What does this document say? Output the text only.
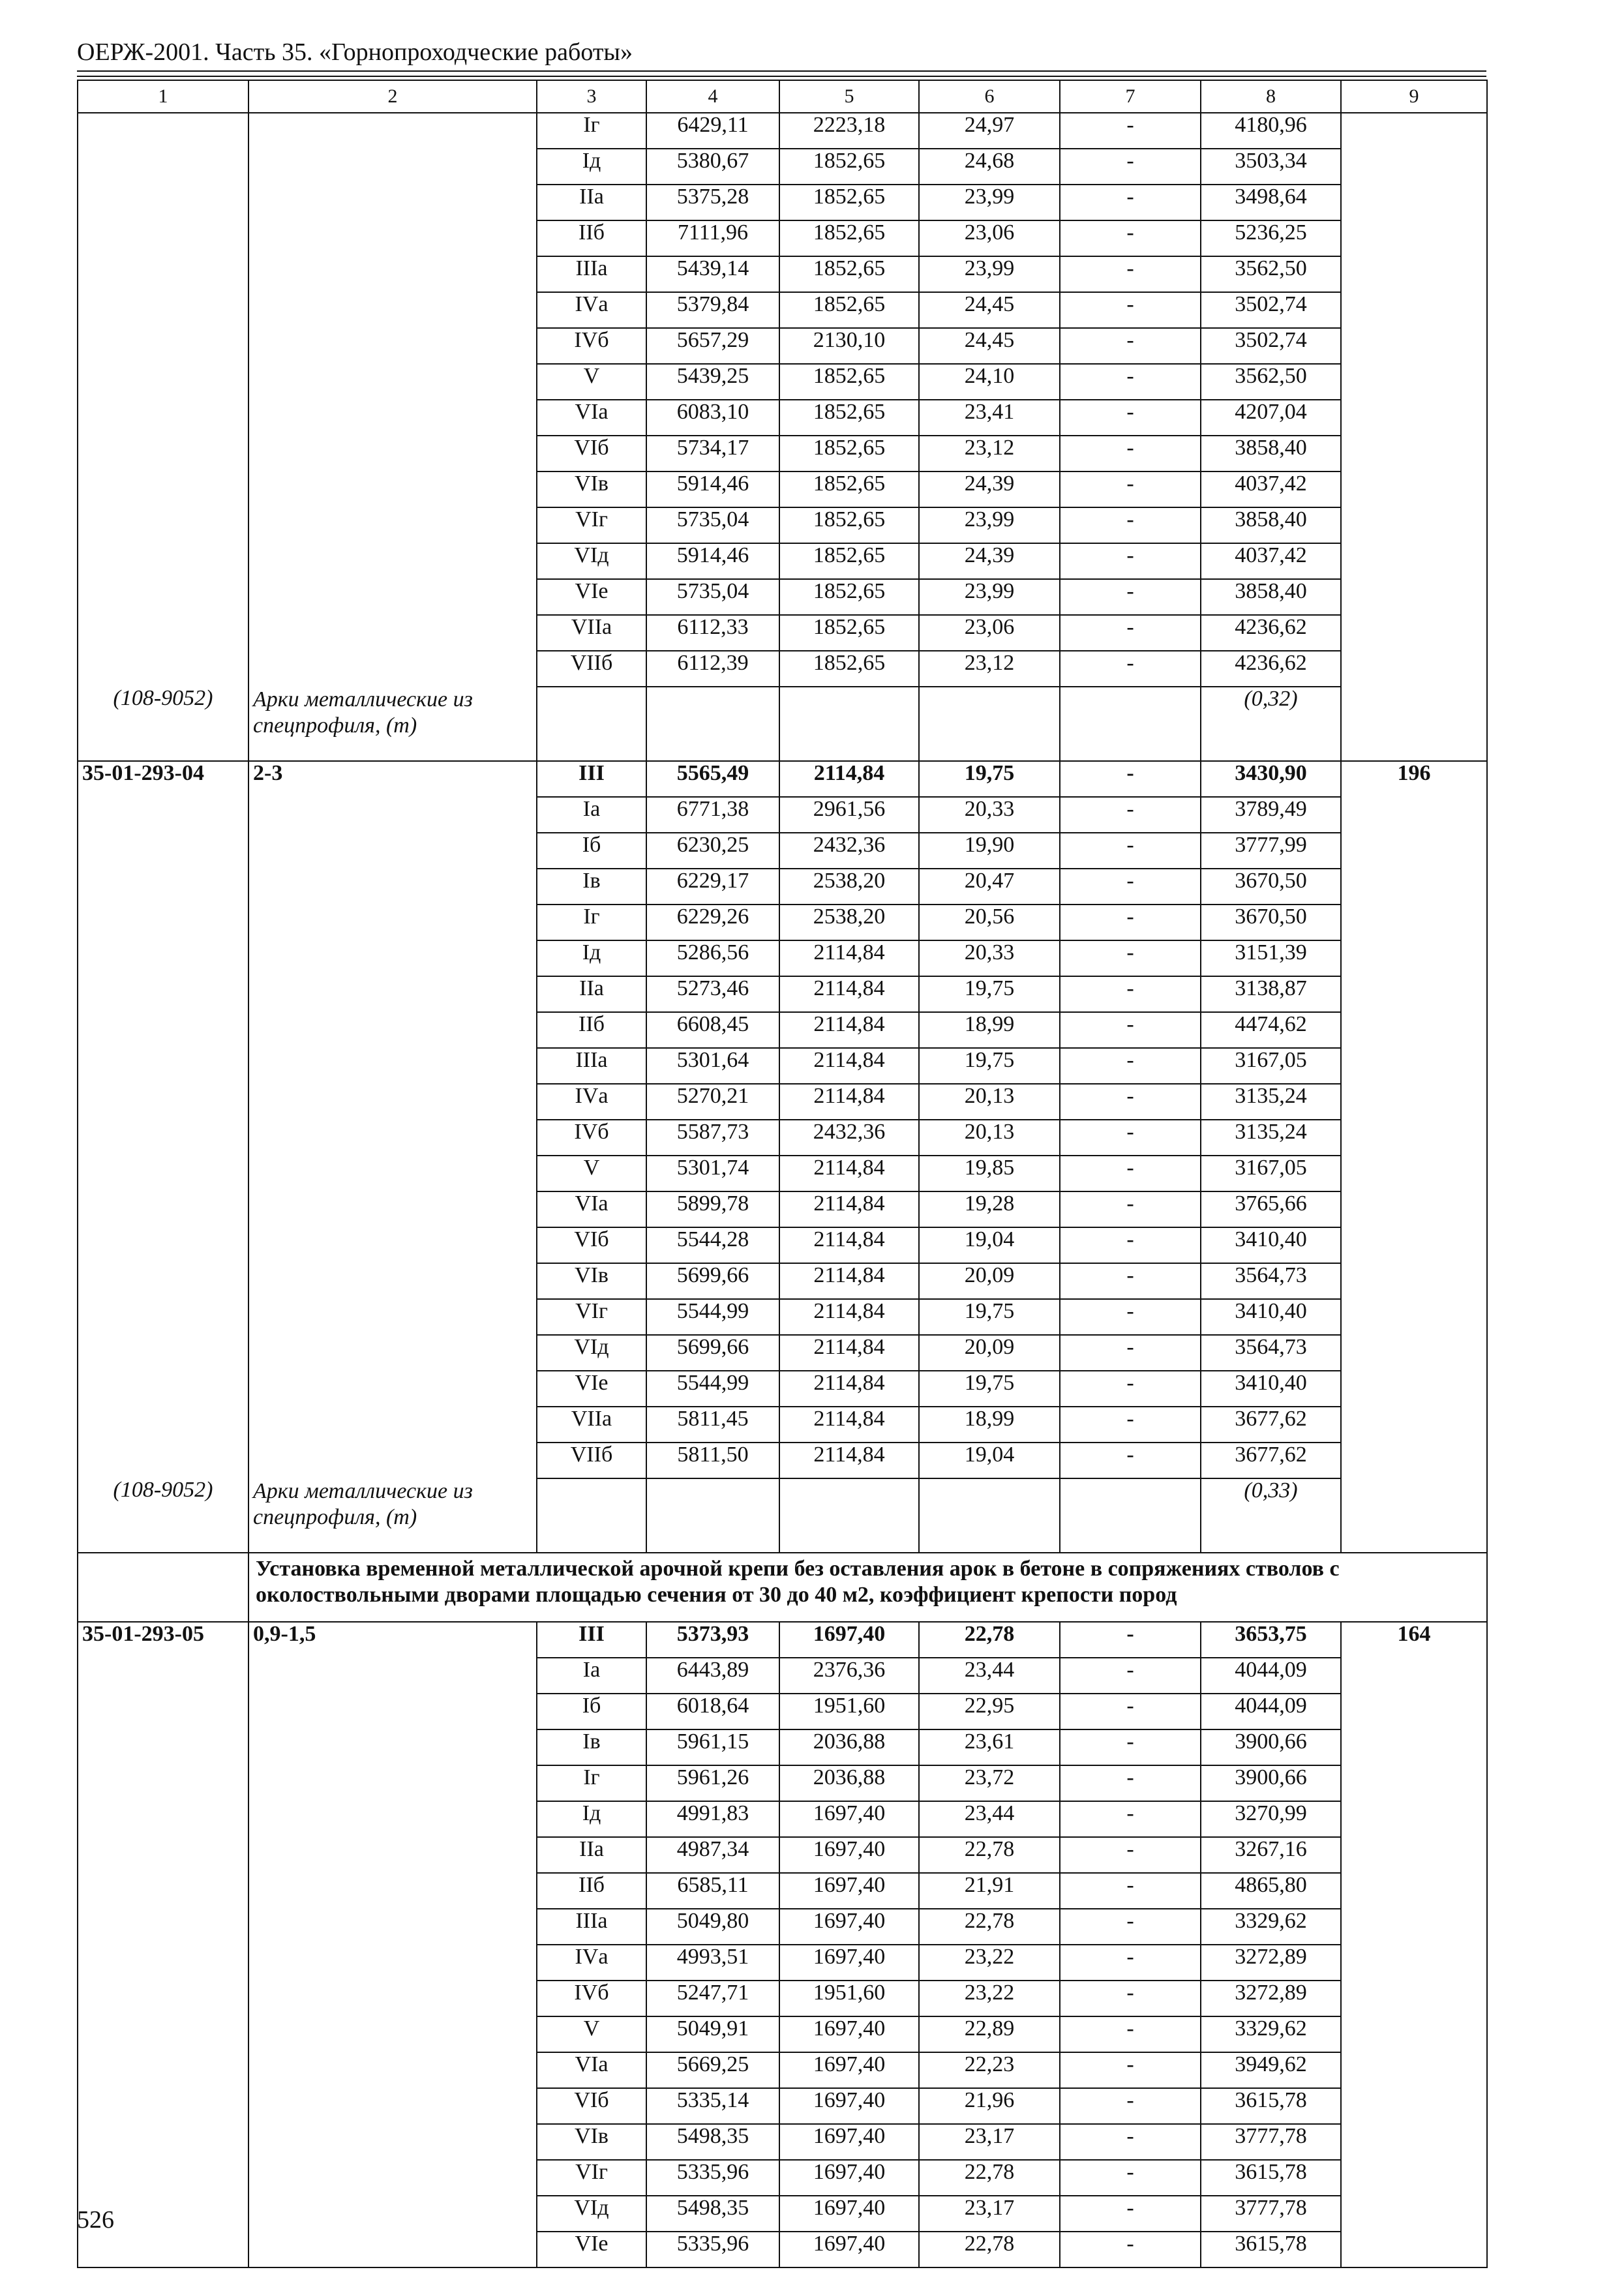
ОЕРЖ-2001. Часть 35. «Горнопроходческие работы»
1	2	3	4	5	6	7	8	9
		Iг	6429,11	2223,18	24,97	-	4180,96	
		Iд	5380,67	1852,65	24,68	-	3503,34	
		IIа	5375,28	1852,65	23,99	-	3498,64	
		IIб	7111,96	1852,65	23,06	-	5236,25	
		IIIа	5439,14	1852,65	23,99	-	3562,50	
		IVа	5379,84	1852,65	24,45	-	3502,74	
		IVб	5657,29	2130,10	24,45	-	3502,74	
		V	5439,25	1852,65	24,10	-	3562,50	
		VIа	6083,10	1852,65	23,41	-	4207,04	
		VIб	5734,17	1852,65	23,12	-	3858,40	
		VIв	5914,46	1852,65	24,39	-	4037,42	
		VIг	5735,04	1852,65	23,99	-	3858,40	
		VIд	5914,46	1852,65	24,39	-	4037,42	
		VIе	5735,04	1852,65	23,99	-	3858,40	
		VIIа	6112,33	1852,65	23,06	-	4236,62	
		VIIб	6112,39	1852,65	23,12	-	4236,62	
(108-9052)	Арки металлические из спецпрофиля, (т)						(0,32)	
35-01-293-04	2-3	III	5565,49	2114,84	19,75	-	3430,90	196
		Iа	6771,38	2961,56	20,33	-	3789,49	
		Iб	6230,25	2432,36	19,90	-	3777,99	
		Iв	6229,17	2538,20	20,47	-	3670,50	
		Iг	6229,26	2538,20	20,56	-	3670,50	
		Iд	5286,56	2114,84	20,33	-	3151,39	
		IIа	5273,46	2114,84	19,75	-	3138,87	
		IIб	6608,45	2114,84	18,99	-	4474,62	
		IIIа	5301,64	2114,84	19,75	-	3167,05	
		IVа	5270,21	2114,84	20,13	-	3135,24	
		IVб	5587,73	2432,36	20,13	-	3135,24	
		V	5301,74	2114,84	19,85	-	3167,05	
		VIа	5899,78	2114,84	19,28	-	3765,66	
		VIб	5544,28	2114,84	19,04	-	3410,40	
		VIв	5699,66	2114,84	20,09	-	3564,73	
		VIг	5544,99	2114,84	19,75	-	3410,40	
		VIд	5699,66	2114,84	20,09	-	3564,73	
		VIе	5544,99	2114,84	19,75	-	3410,40	
		VIIа	5811,45	2114,84	18,99	-	3677,62	
		VIIб	5811,50	2114,84	19,04	-	3677,62	
(108-9052)	Арки металлические из спецпрофиля, (т)						(0,33)	
	Установка временной металлической арочной крепи без оставления арок в бетоне в сопряжениях стволов с околоствольными дворами площадью сечения от 30 до 40 м2, коэффициент крепости пород							
35-01-293-05	0,9-1,5	III	5373,93	1697,40	22,78	-	3653,75	164
		Iа	6443,89	2376,36	23,44	-	4044,09	
		Iб	6018,64	1951,60	22,95	-	4044,09	
		Iв	5961,15	2036,88	23,61	-	3900,66	
		Iг	5961,26	2036,88	23,72	-	3900,66	
		Iд	4991,83	1697,40	23,44	-	3270,99	
		IIа	4987,34	1697,40	22,78	-	3267,16	
		IIб	6585,11	1697,40	21,91	-	4865,80	
		IIIа	5049,80	1697,40	22,78	-	3329,62	
		IVа	4993,51	1697,40	23,22	-	3272,89	
		IVб	5247,71	1951,60	23,22	-	3272,89	
		V	5049,91	1697,40	22,89	-	3329,62	
		VIа	5669,25	1697,40	22,23	-	3949,62	
		VIб	5335,14	1697,40	21,96	-	3615,78	
		VIв	5498,35	1697,40	23,17	-	3777,78	
		VIг	5335,96	1697,40	22,78	-	3615,78	
		VIд	5498,35	1697,40	23,17	-	3777,78	
		VIе	5335,96	1697,40	22,78	-	3615,78	
526
